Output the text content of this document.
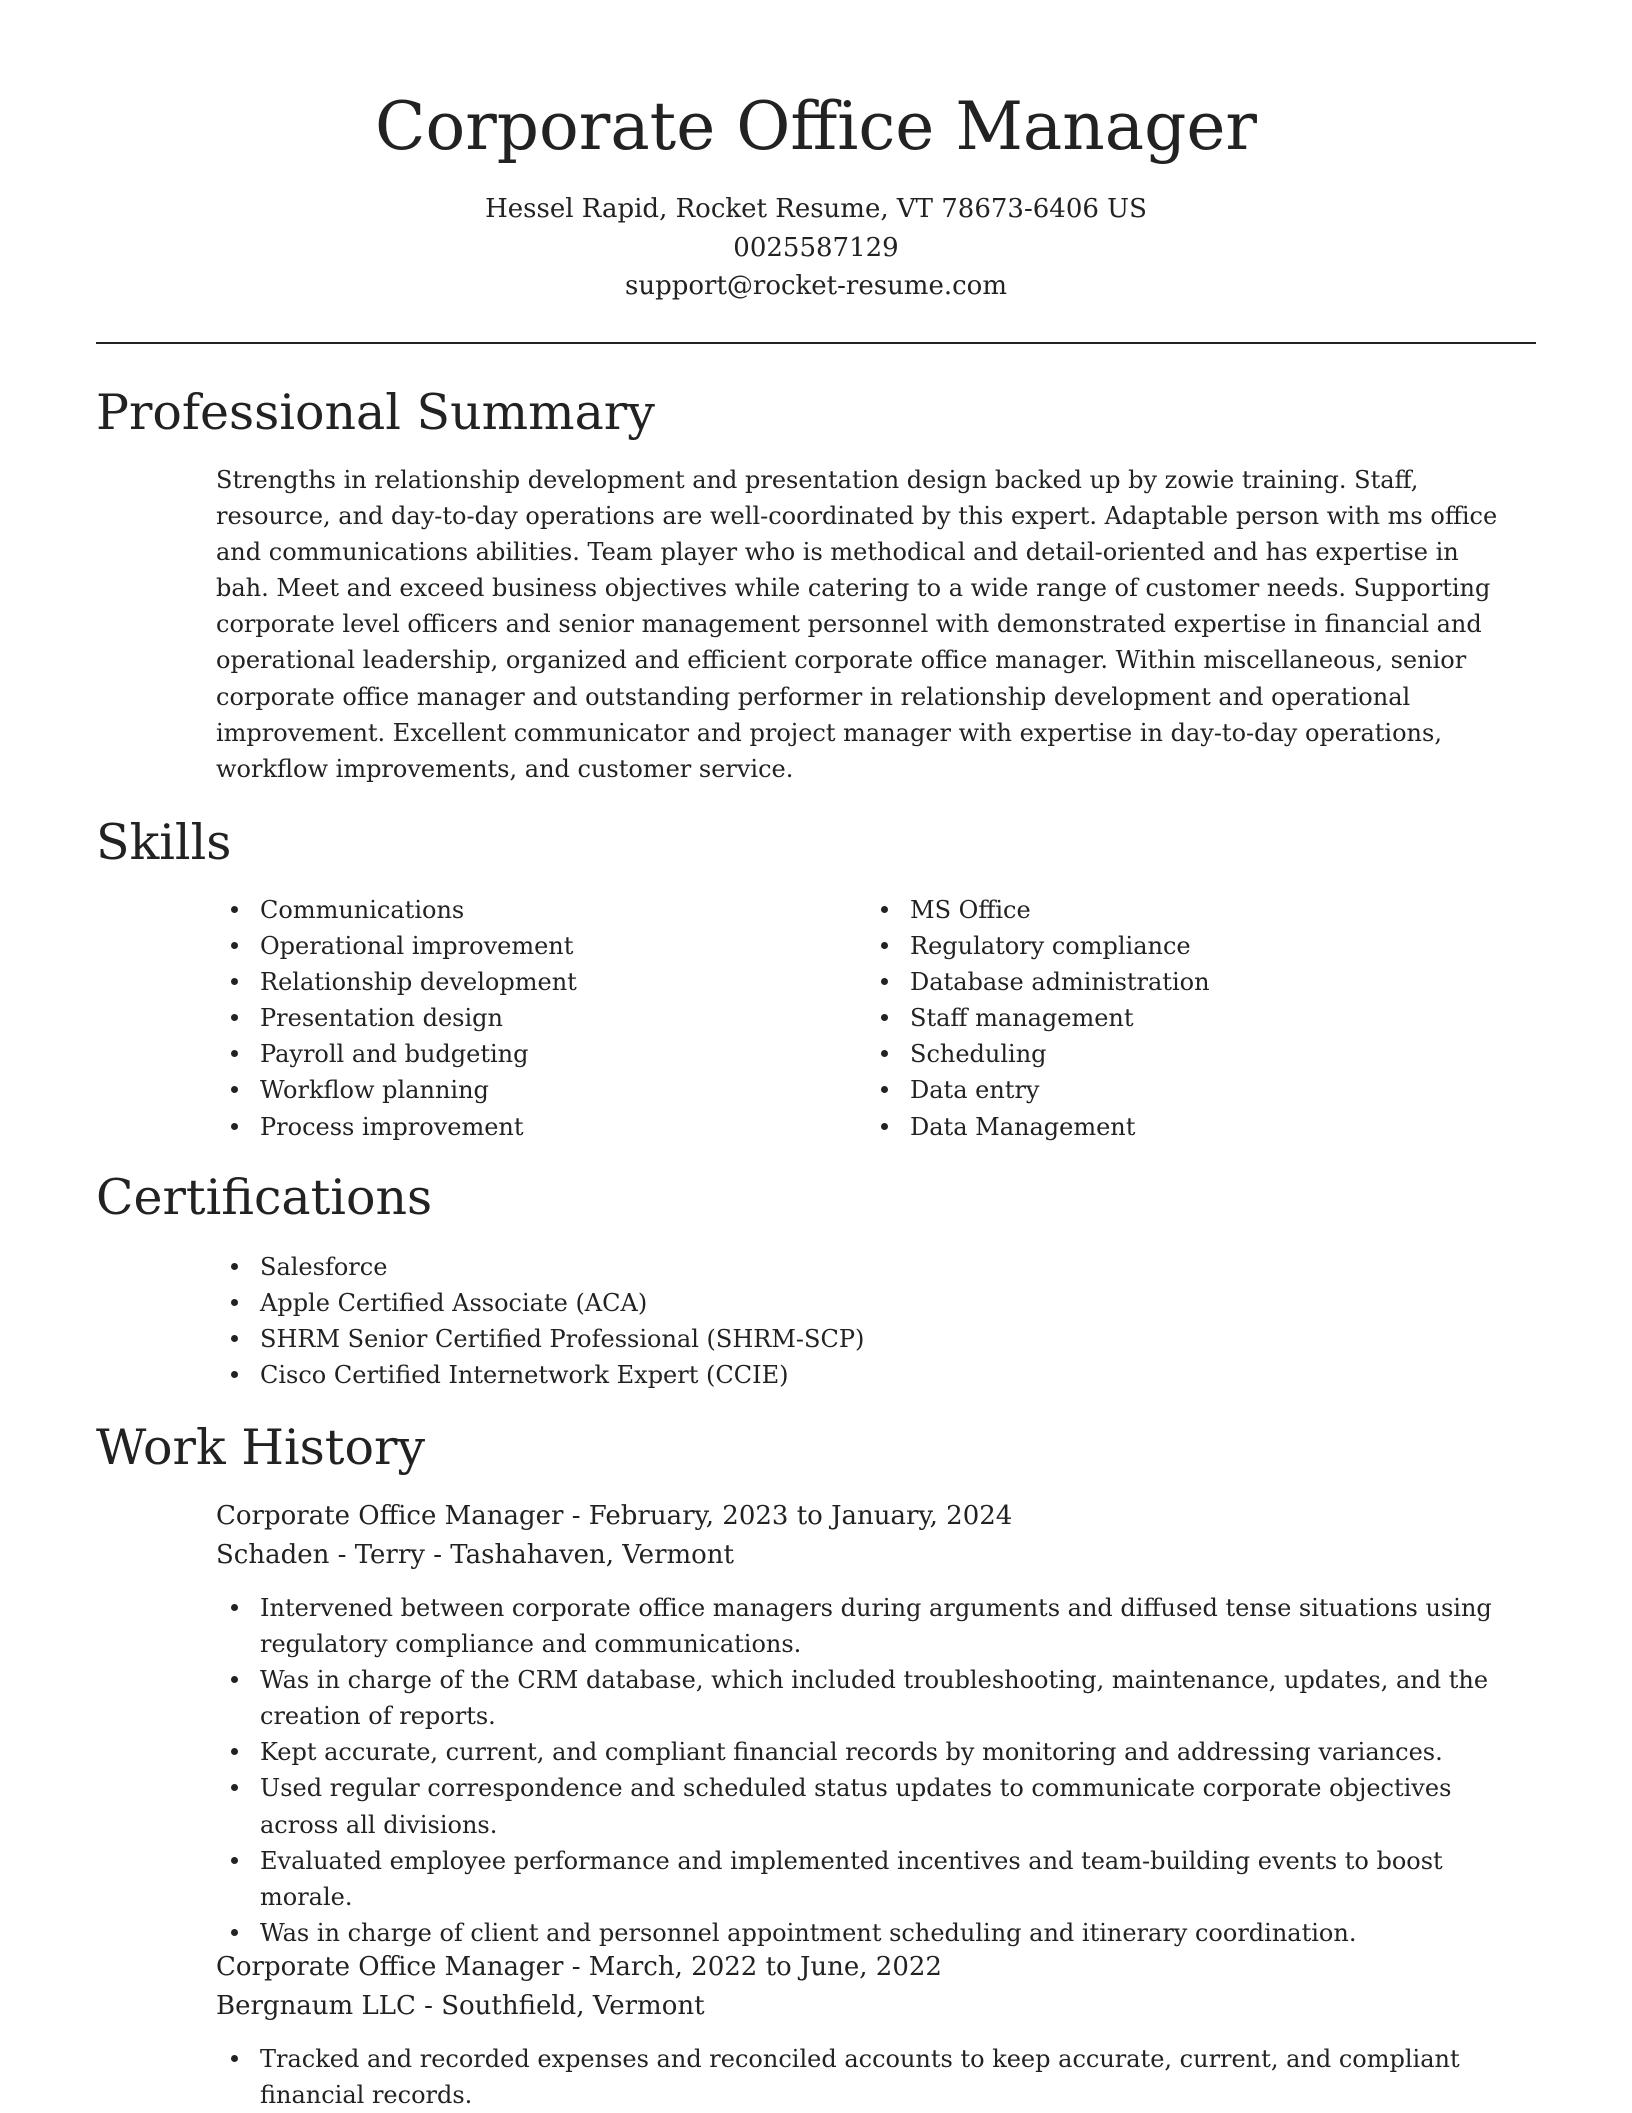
Corporate Office Manager
Hessel Rapid, Rocket Resume, VT 78673-6406 US
0025587129
support@rocket-resume.com
Professional Summary

Strengths in relationship development and presentation design backed up by zowie training. Staff, resource, and day-to-day operations are well-coordinated by this expert. Adaptable person with ms office and communications abilities. Team player who is methodical and detail-oriented and has expertise in bah. Meet and exceed business objectives while catering to a wide range of customer needs. Supporting corporate level officers and senior management personnel with demonstrated expertise in financial and operational leadership, organized and efficient corporate office manager. Within miscellaneous, senior corporate office manager and outstanding performer in relationship development and operational improvement. Excellent communicator and project manager with expertise in day-to-day operations, workflow improvements, and customer service.

Skills
Communications
Operational improvement
Relationship development
Presentation design
Payroll and budgeting
Workflow planning
Process improvement
MS Office
Regulatory compliance
Database administration
Staff management
Scheduling
Data entry
Data Management
Certifications
Salesforce
Apple Certified Associate (ACA)
SHRM Senior Certified Professional (SHRM-SCP)
Cisco Certified Internetwork Expert (CCIE)
Work History
Corporate Office Manager - February, 2023 to January, 2024
Schaden - Terry - Tashahaven, Vermont
Intervened between corporate office managers during arguments and diffused tense situations using regulatory compliance and communications.
Was in charge of the CRM database, which included troubleshooting, maintenance, updates, and the creation of reports.
Kept accurate, current, and compliant financial records by monitoring and addressing variances.
Used regular correspondence and scheduled status updates to communicate corporate objectives across all divisions.
Evaluated employee performance and implemented incentives and team-building events to boost morale.
Was in charge of client and personnel appointment scheduling and itinerary coordination.
Corporate Office Manager - March, 2022 to June, 2022
Bergnaum LLC - Southfield, Vermont
Tracked and recorded expenses and reconciled accounts to keep accurate, current, and compliant financial records.
